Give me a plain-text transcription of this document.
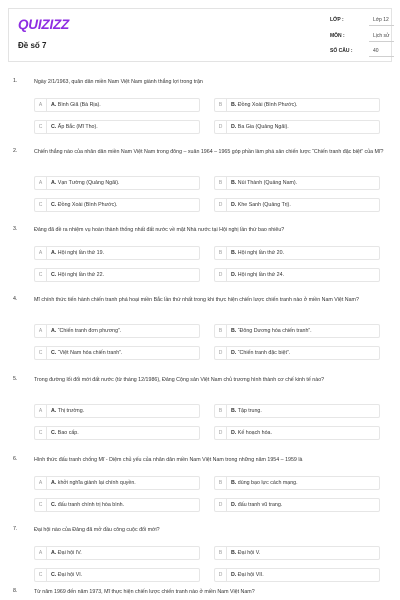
QUIZIZZ
Đề số 7
LỚP :	Lớp 12
MÔN :	Lịch sử
SỐ CÂU :	40
1.	Ngày 2/1/1963, quân dân miền Nam Việt Nam giành thắng lợi trong trận
A	A. Bình Giã (Bà Rịa).	B	B. Đồng Xoài (Bình Phước).
C	C. Ấp Bắc (Mĩ Tho).	D	D. Ba Gia (Quảng Ngãi).
2.	Chiến thắng nào của nhân dân miền Nam Việt Nam trong đông – xuân 1964 – 1965 góp phần làm phá sản chiến lược “Chiến tranh đặc biệt” của Mĩ?
A	A. Vạn Tường (Quảng Ngãi).	B	B. Núi Thành (Quảng Nam).
C	C. Đồng Xoài (Bình Phước).	D	D. Khe Sanh (Quảng Trị).
3.	Đảng đã đề ra nhiệm vụ hoàn thành thống nhất đất nước về mặt Nhà nước tại Hội nghị lần thứ bao nhiêu?
A	A. Hội nghị lần thứ 19.	B	B. Hội nghị lần thứ 20.
C	C. Hội nghị lần thứ 22.	D	D. Hội nghị lần thứ 24.
4.	Mĩ chính thức tiến hành chiến tranh phá hoại miền Bắc lần thứ nhất trong khi thực hiện chiến lược chiến tranh nào ở miền Nam Việt Nam?
A	A. “Chiến tranh đơn phương”.	B	B. “Đông Dương hóa chiến tranh”.
C	C. “Việt Nam hóa chiến tranh”.	D	D. “Chiến tranh đặc biệt”.
5.	Trong đường lối đổi mới đất nước (từ tháng 12/1986), Đảng Cộng sản Việt Nam chủ trương hình thành cơ chế kinh tế nào?
A	A. Thị trường.	B	B. Tập trung.
C	C. Bao cấp.	D	D. Kế hoạch hóa.
6.	Hình thức đấu tranh chống Mĩ - Diệm chủ yếu của nhân dân miền Nam Việt Nam trong những năm 1954 – 1959 là
A	A. khởi nghĩa giành lại chính quyền.	B	B. dùng bạo lực cách mạng.
C	C. đấu tranh chính trị hòa bình.	D	D. đấu tranh vũ trang.
7.	Đại hội nào của Đảng đã mở đầu công cuộc đổi mới?
A	A. Đại hội IV.	B	B. Đại hội V.
C	C. Đại hội VI.	D	D. Đại hội VII.
8.	Từ năm 1969 đến năm 1973, Mĩ thực hiện chiến lược chiến tranh nào ở miền Nam Việt Nam?
